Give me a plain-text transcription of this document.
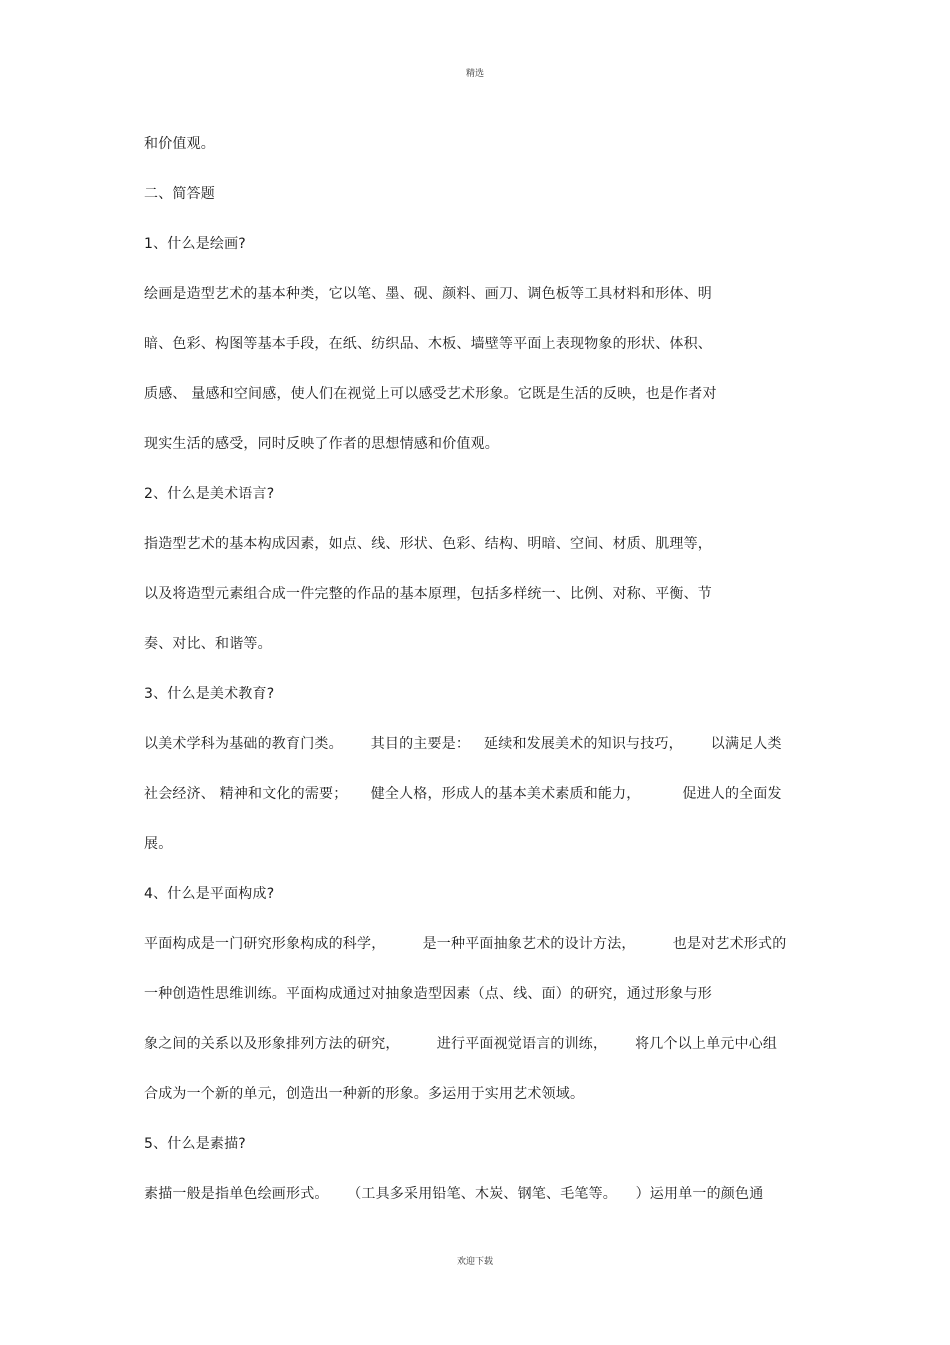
精选
和价值观。
二、简答题
1、什么是绘画?
绘画是造型艺术的基本种类，它以笔、墨、砚、颜料、画刀、调色板等工具材料和形体、明
暗、色彩、构图等基本手段，在纸、纺织品、木板、墙壁等平面上表现物象的形状、体积、
质感、 量感和空间感，使人们在视觉上可以感受艺术形象。它既是生活的反映，也是作者对
现实生活的感受，同时反映了作者的思想情感和价值观。
2、什么是美术语言?
指造型艺术的基本构成因素，如点、线、形状、色彩、结构、明暗、空间、材质、肌理等，
以及将造型元素组合成一件完整的作品的基本原理，包括多样统一、比例、对称、平衡、节
奏、对比、和谐等。
3、什么是美术教育?
以美术学科为基础的教育门类。      其目的主要是：   延续和发展美术的知识与技巧，      以满足人类
社会经济、 精神和文化的需要；     健全人格，形成人的基本美术素质和能力，         促进人的全面发
展。
4、什么是平面构成?
平面构成是一门研究形象构成的科学，        是一种平面抽象艺术的设计方法，        也是对艺术形式的
一种创造性思维训练。平面构成通过对抽象造型因素（点、线、面）的研究，通过形象与形
象之间的关系以及形象排列方法的研究，        进行平面视觉语言的训练，      将几个以上单元中心组
合成为一个新的单元，创造出一种新的形象。多运用于实用艺术领域。
5、什么是素描?
素描一般是指单色绘画形式。    （工具多采用铅笔、木炭、钢笔、毛笔等。    ）运用单一的颜色通
欢迎下载
